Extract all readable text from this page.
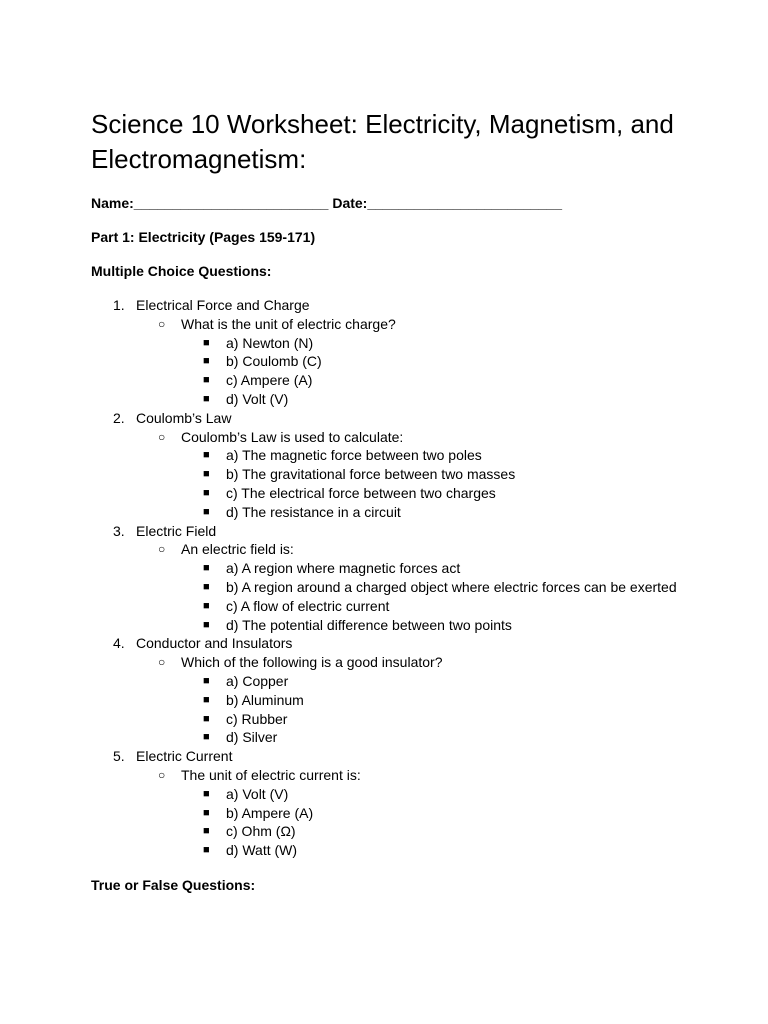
Science 10 Worksheet: Electricity, Magnetism, and Electromagnetism:
Name:_________________________ Date:_________________________
Part 1: Electricity (Pages 159-171)
Multiple Choice Questions:
1. Electrical Force and Charge
○ What is the unit of electric charge?
■ a) Newton (N)
■ b) Coulomb (C)
■ c) Ampere (A)
■ d) Volt (V)
2. Coulomb’s Law
○ Coulomb’s Law is used to calculate:
■ a) The magnetic force between two poles
■ b) The gravitational force between two masses
■ c) The electrical force between two charges
■ d) The resistance in a circuit
3. Electric Field
○ An electric field is:
■ a) A region where magnetic forces act
■ b) A region around a charged object where electric forces can be exerted
■ c) A flow of electric current
■ d) The potential difference between two points
4. Conductor and Insulators
○ Which of the following is a good insulator?
■ a) Copper
■ b) Aluminum
■ c) Rubber
■ d) Silver
5. Electric Current
○ The unit of electric current is:
■ a) Volt (V)
■ b) Ampere (A)
■ c) Ohm (Ω)
■ d) Watt (W)
True or False Questions:
